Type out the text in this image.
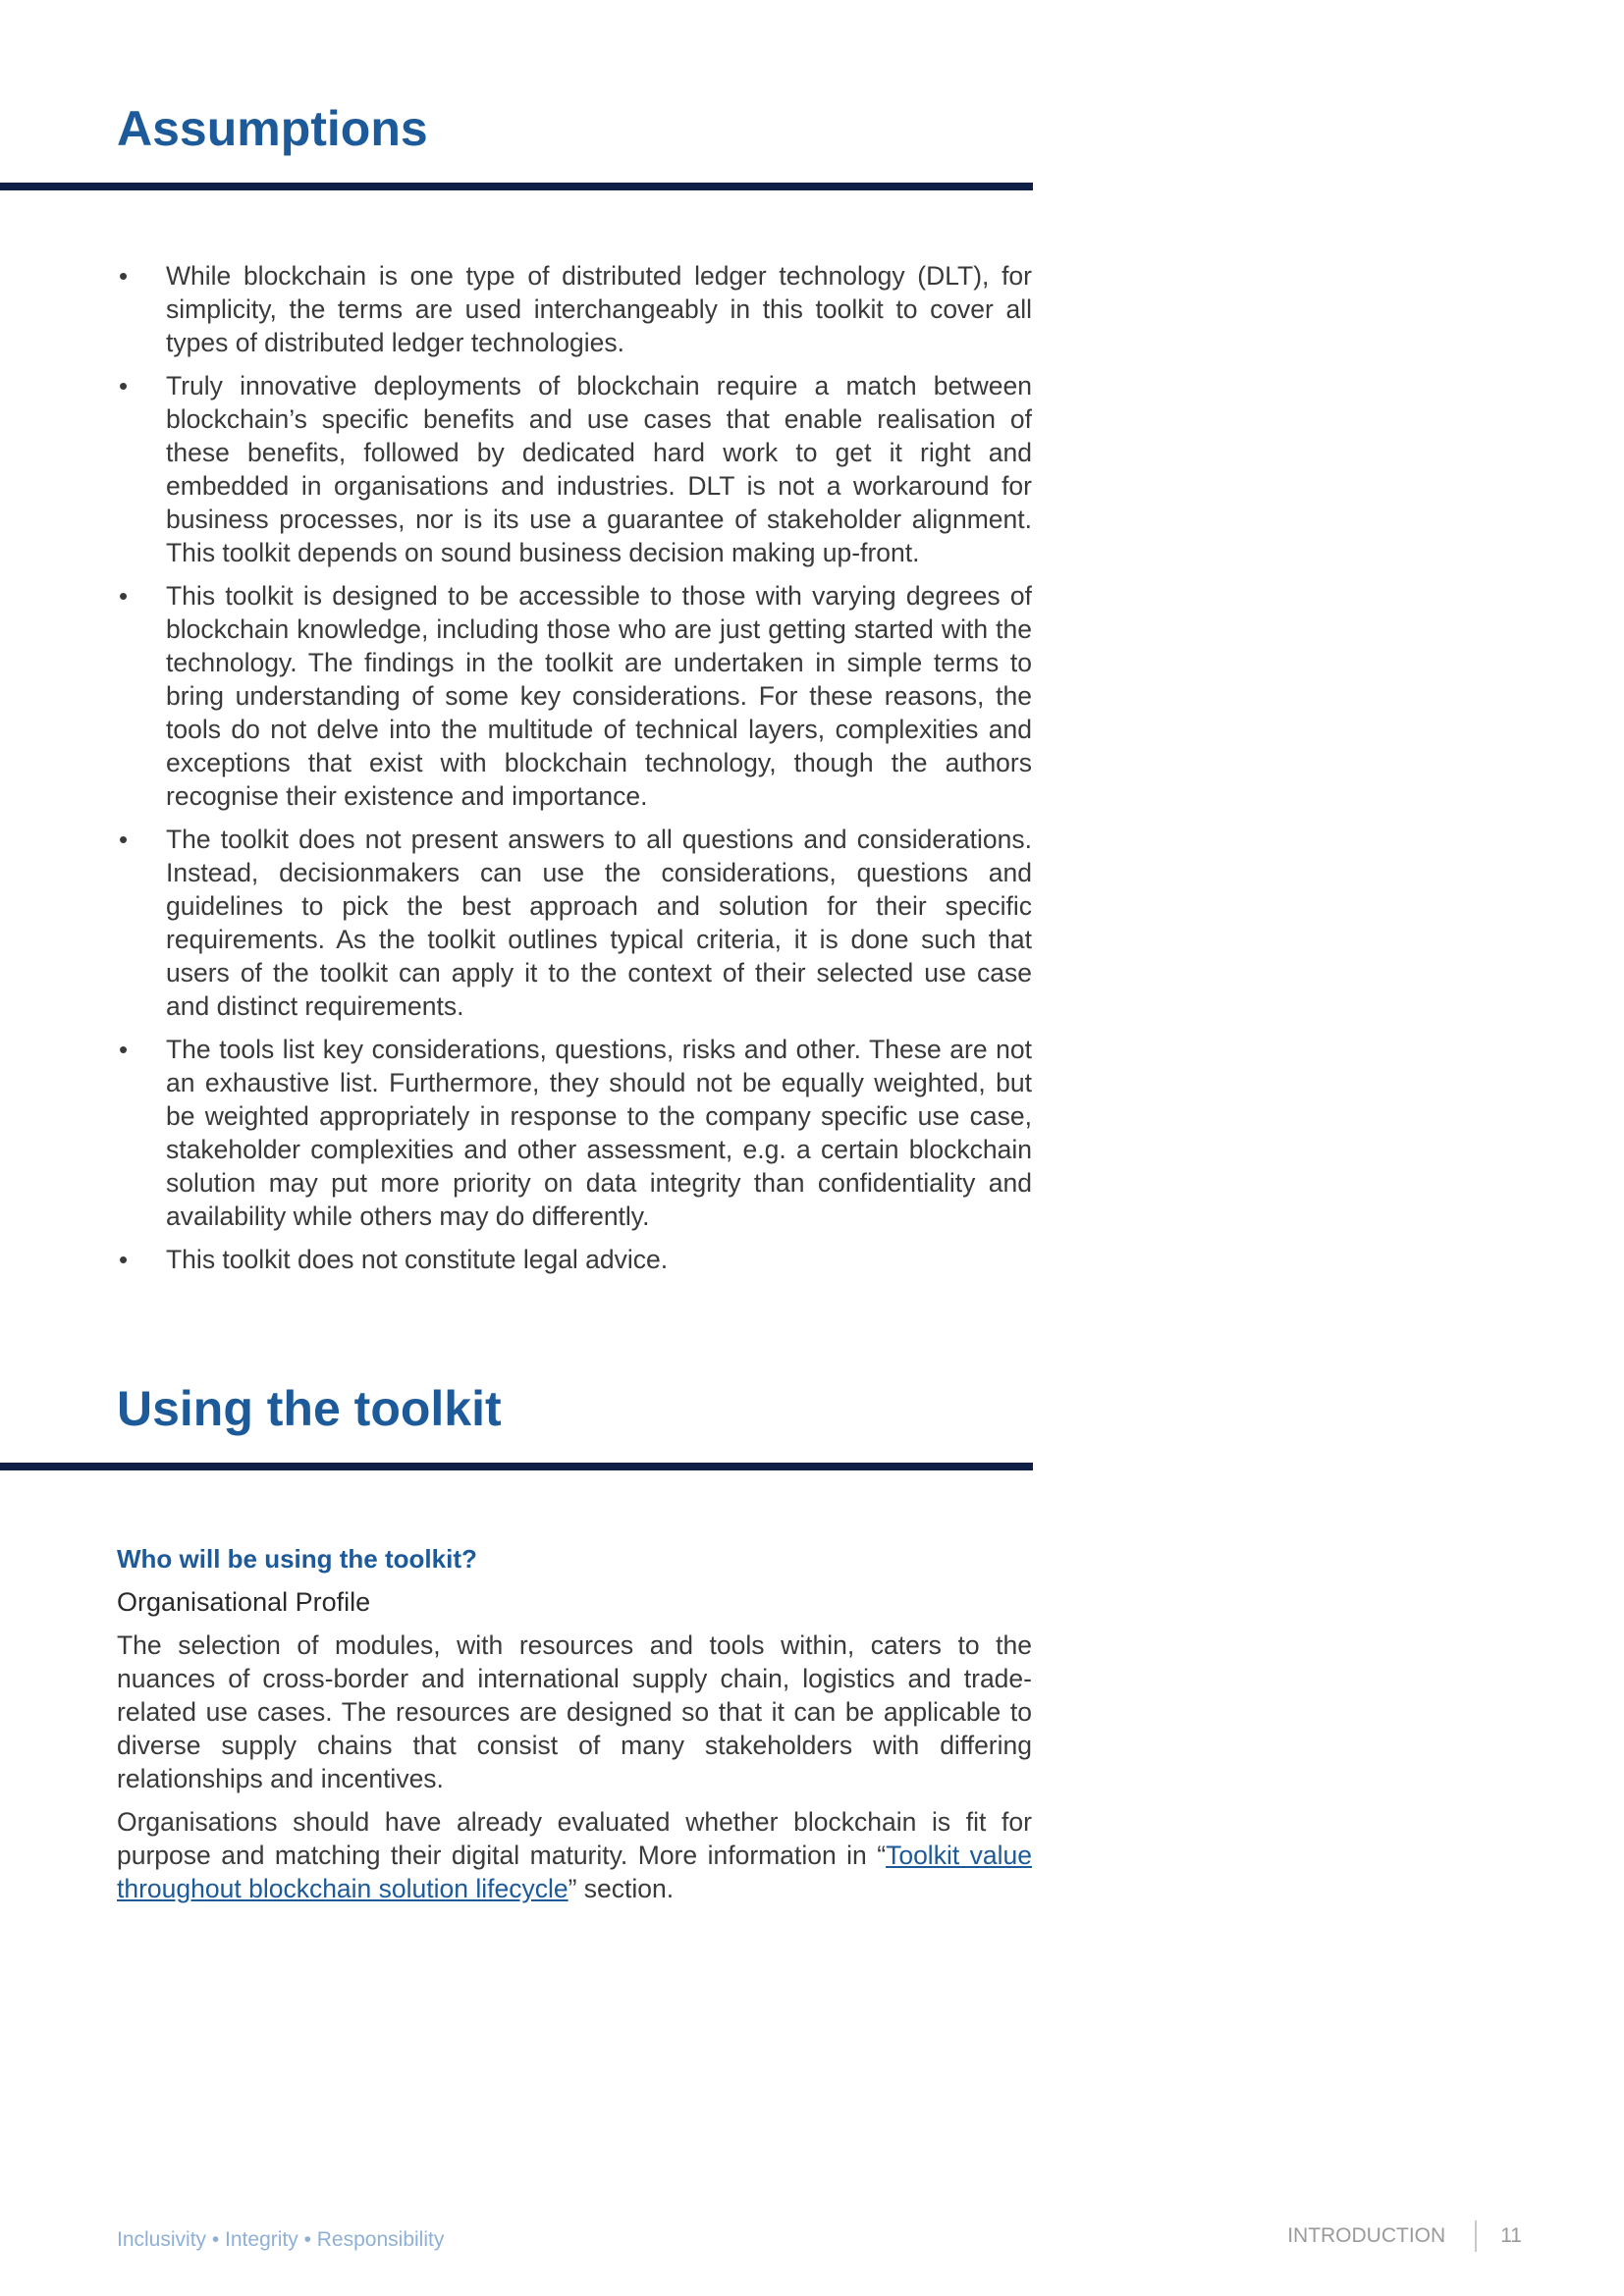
Assumptions
• While blockchain is one type of distributed ledger technology (DLT), for simplicity, the terms are used interchangeably in this toolkit to cover all types of distributed ledger technologies.
• Truly innovative deployments of blockchain require a match between blockchain’s specific benefits and use cases that enable realisation of these benefits, followed by dedicated hard work to get it right and embedded in organisations and industries. DLT is not a workaround for business processes, nor is its use a guarantee of stakeholder alignment. This toolkit depends on sound business decision making up-front.
• This toolkit is designed to be accessible to those with varying degrees of blockchain knowledge, including those who are just getting started with the technology. The findings in the toolkit are undertaken in simple terms to bring understanding of some key considerations. For these reasons, the tools do not delve into the multitude of technical layers, complexities and exceptions that exist with blockchain technology, though the authors recognise their existence and importance.
• The toolkit does not present answers to all questions and considerations. Instead, decisionmakers can use the considerations, questions and guidelines to pick the best approach and solution for their specific requirements. As the toolkit outlines typical criteria, it is done such that users of the toolkit can apply it to the context of their selected use case and distinct requirements.
• The tools list key considerations, questions, risks and other. These are not an exhaustive list. Furthermore, they should not be equally weighted, but be weighted appropriately in response to the company specific use case, stakeholder complexities and other assessment, e.g. a certain blockchain solution may put more priority on data integrity than confidentiality and availability while others may do differently.
• This toolkit does not constitute legal advice.
Using the toolkit
Who will be using the toolkit?
Organisational Profile

The selection of modules, with resources and tools within, caters to the nuances of cross-border and international supply chain, logistics and trade-related use cases. The resources are designed so that it can be applicable to diverse supply chains that consist of many stakeholders with differing relationships and incentives.

Organisations should have already evaluated whether blockchain is fit for purpose and matching their digital maturity. More information in “Toolkit value throughout blockchain solution lifecycle” section.

Inclusivity • Integrity • Responsibility	INTRODUCTION	11
